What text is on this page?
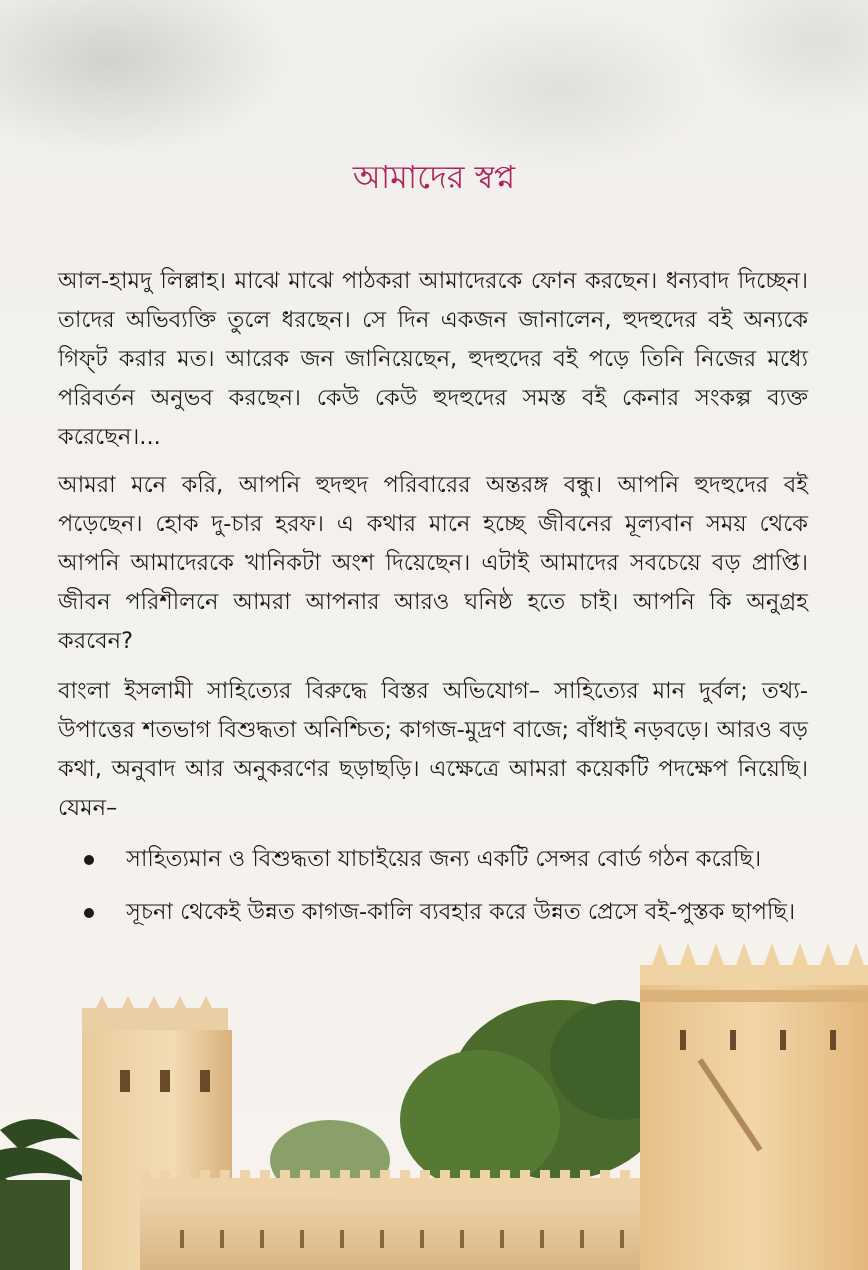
আমাদের স্বপ্ন

আল-হামদু লিল্লাহ। মাঝে মাঝে পাঠকরা আমাদেরকে ফোন করছেন। ধন্যবাদ দিচ্ছেন। তাদের অভিব্যক্তি তুলে ধরছেন। সে দিন একজন জানালেন, হুদহুদের বই অন্যকে গিফ্‌ট করার মত। আরেক জন জানিয়েছেন, হুদহুদের বই পড়ে তিনি নিজের মধ্যে পরিবর্তন অনুভব করছেন। কেউ কেউ হুদহুদের সমস্ত বই কেনার সংকল্প ব্যক্ত করেছেন।...

আমরা মনে করি, আপনি হুদহুদ পরিবারের অন্তরঙ্গ বন্ধু। আপনি হুদহুদের বই পড়েছেন। হোক দু-চার হরফ। এ কথার মানে হচ্ছে জীবনের মূল্যবান সময় থেকে আপনি আমাদেরকে খানিকটা অংশ দিয়েছেন। এটাই আমাদের সবচেয়ে বড় প্রাপ্তি। জীবন পরিশীলনে আমরা আপনার আরও ঘনিষ্ঠ হতে চাই। আপনি কি অনুগ্রহ করবেন?

বাংলা ইসলামী সাহিত্যের বিরুদ্ধে বিস্তর অভিযোগ– সাহিত্যের মান দুর্বল; তথ্য-উপাত্তের শতভাগ বিশুদ্ধতা অনিশ্চিত; কাগজ-মুদ্রণ বাজে; বাঁধাই নড়বড়ে। আরও বড় কথা, অনুবাদ আর অনুকরণের ছড়াছড়ি। এক্ষেত্রে আমরা কয়েকটি পদক্ষেপ নিয়েছি। যেমন–

সাহিত্যমান ও বিশুদ্ধতা যাচাইয়ের জন্য একটি সেন্সর বোর্ড গঠন করেছি।
সূচনা থেকেই উন্নত কাগজ-কালি ব্যবহার করে উন্নত প্রেসে বই-পুস্তক ছাপছি।
